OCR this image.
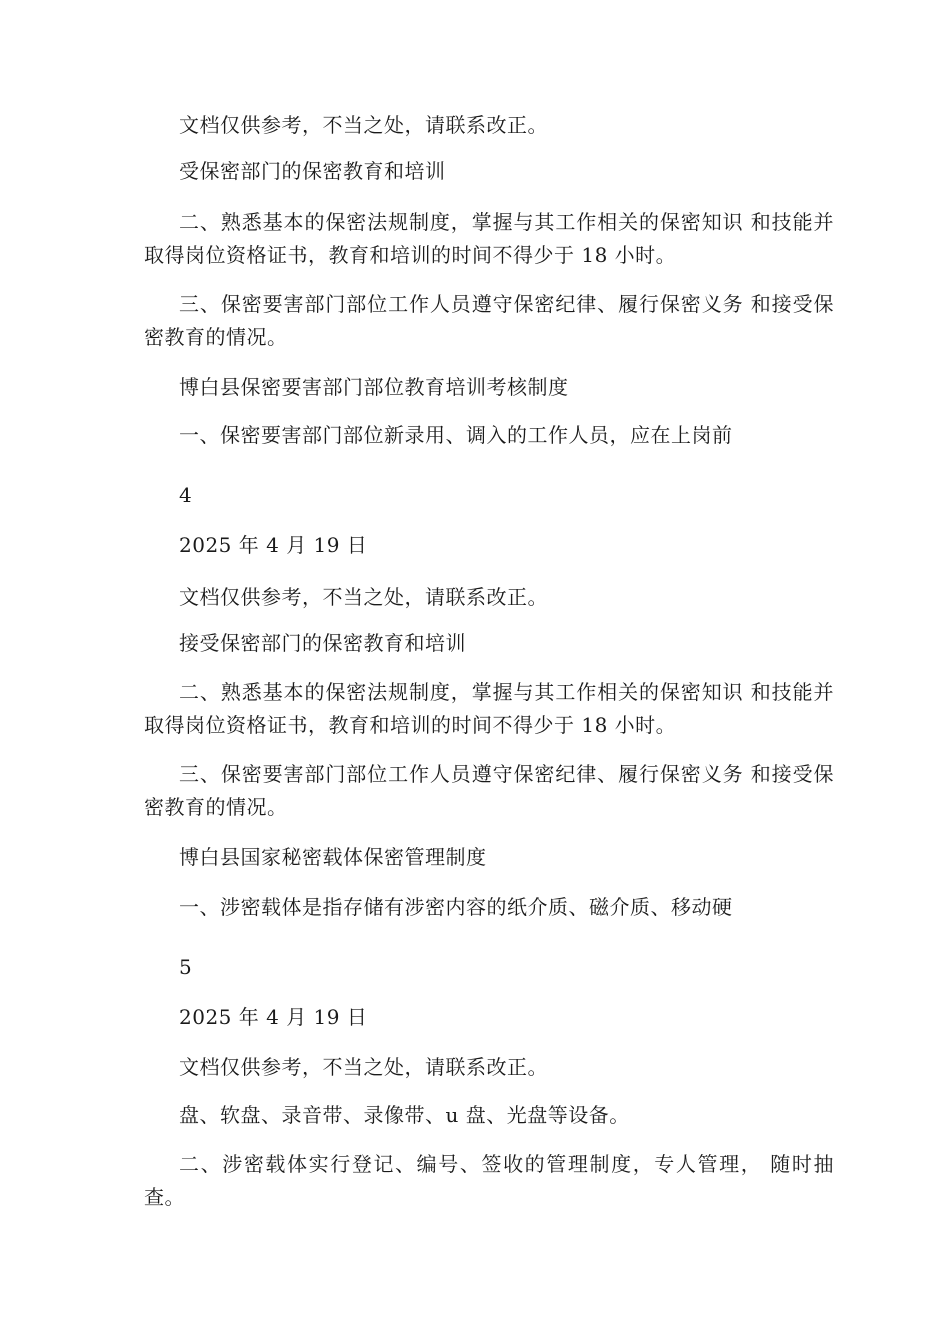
文档仅供参考，不当之处，请联系改正。
受保密部门的保密教育和培训
二、熟悉基本的保密法规制度，掌握与其工作相关的保密知识 和技能并取得岗位资格证书，教育和培训的时间不得少于 18 小时。
三、保密要害部门部位工作人员遵守保密纪律、履行保密义务 和接受保密教育的情况。
博白县保密要害部门部位教育培训考核制度
一、保密要害部门部位新录用、调入的工作人员，应在上岗前
4
2025 年 4 月 19 日
文档仅供参考，不当之处，请联系改正。
接受保密部门的保密教育和培训
二、熟悉基本的保密法规制度，掌握与其工作相关的保密知识 和技能并取得岗位资格证书，教育和培训的时间不得少于 18 小时。
三、保密要害部门部位工作人员遵守保密纪律、履行保密义务 和接受保密教育的情况。
博白县国家秘密载体保密管理制度
一、涉密载体是指存储有涉密内容的纸介质、磁介质、移动硬
5
2025 年 4 月 19 日
文档仅供参考，不当之处，请联系改正。
盘、软盘、录音带、录像带、u 盘、光盘等设备。
二、涉密载体实行登记、编号、签收的管理制度，专人管理， 随时抽查。
